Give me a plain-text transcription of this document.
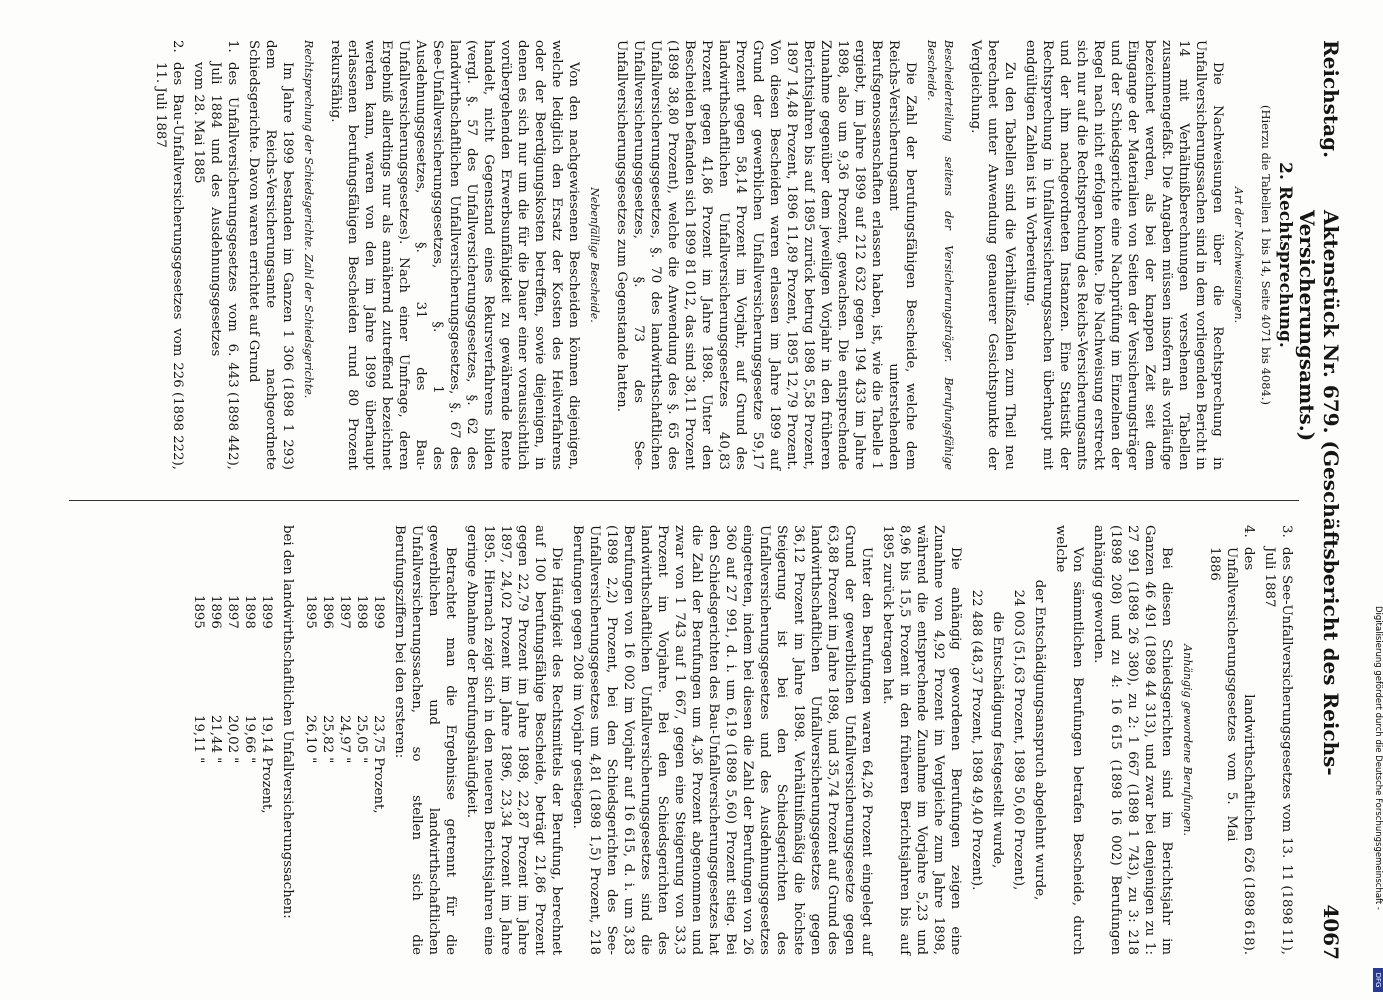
Reichstag.
Aktenstück Nr. 679. (Geschäftsbericht des Reichs-Versicherungsamts.)
4067
2. Rechtsprechung.
(Hierzu die Tabellen 1 bis 14, Seite 4071 bis 4084.)
Art der Nachweisungen.

Die Nachweisungen über die Rechtsprechung in Unfallversicherungssachen sind in dem vorliegenden Bericht in 14 mit Verhältnißberechnungen versehenen Tabellen zusammengefaßt. Die Angaben müssen insofern als vorläufige bezeichnet werden, als bei der knappen Zeit seit dem Eingange der Materialien von Seiten der Versicherungsträger und der Schiedsgerichte eine Nachprüfung im Einzelnen der Regel nach nicht erfolgen konnte. Die Nachweisung erstreckt sich nur auf die Rechtsprechung des Reichs-Versicherungsamts und der ihm nachgeordneten Instanzen. Eine Statistik der Rechtsprechung in Unfallversicherungssachen überhaupt mit endgültigen Zahlen ist in Vorbereitung.

Zu den Tabellen sind die Verhältnißzahlen zum Theil neu berechnet unter Anwendung genauerer Gesichtspunkte der Vergleichung.

Bescheiderteilung seitens der Versicherungsträger. Berufungsfähige Bescheide.

Die Zahl der berufungsfähigen Bescheide, welche dem Reichs-Versicherungsamt unterstehenden Berufsgenossenschaften erlassen haben, ist, wie die Tabelle 1 ergiebt, im Jahre 1899 auf 212 632 gegen 194 433 im Jahre 1898, also um 9,36 Prozent, gewachsen. Die entsprechende Zunahme gegenüber dem jeweiligen Vorjahr in den früheren Berichtsjahren bis auf 1895 zurück betrug 1898 5,58 Prozent, 1897 14,48 Prozent, 1896 11,89 Prozent, 1895 12,79 Prozent. Von diesen Bescheiden waren erlassen im Jahre 1899 auf Grund der gewerblichen Unfallversicherungsgesetze 59,17 Prozent gegen 58,14 Prozent im Vorjahr, auf Grund des landwirthschaftlichen Unfallversicherungsgesetzes 40,83 Prozent gegen 41,86 Prozent im Jahre 1898. Unter den Bescheiden befanden sich 1899 81 012, das sind 38,11 Prozent (1898 38,80 Prozent), welche die Anwendung des §. 65 des Unfallversicherungsgesetzes, §. 70 des landwirthschaftlichen Unfallversicherungsgesetzes, §. 73 des See-Unfallversicherungsgesetzes zum Gegenstande hatten.

Nebenfällige Bescheide.

Von den nachgewiesenen Bescheiden können diejenigen, welche lediglich den Ersatz der Kosten des Heilverfahrens oder der Beerdigungskosten betreffen, sowie diejenigen, in denen es sich nur um die für die Dauer einer voraussichtlich vorübergehenden Erwerbsunfähigkeit zu gewährende Rente handelt, nicht Gegenstand eines Rekursverfahrens bilden (vergl. §. 57 des Unfallversicherungsgesetzes, §. 62 des landwirthschaftlichen Unfallversicherungsgesetzes, §. 67 des See-Unfallversicherungsgesetzes, §. 1 des Ausdehnungsgesetzes, §. 31 des Bau-Unfallversicherungsgesetzes). Nach einer Umfrage, deren Ergebniß allerdings nur als annähernd zutreffend bezeichnet werden kann, waren von den im Jahre 1899 überhaupt erlassenen berufungsfähigen Bescheiden rund 80 Prozent rekursfähig.

Rechtsprechung der Schiedsgerichte. Zahl der Schiedsgerichte.

Im Jahre 1899 bestanden im Ganzen 1 306 (1898 1 293) dem Reichs-Versicherungsamte nachgeordnete Schiedsgerichte. Davon waren errichtet auf Grund

1.
des Unfallversicherungsgesetzes vom 6. Juli 1884 und des Ausdehnungsgesetzes vom 28. Mai 1885
443 (1898 442),
2.
des Bau-Unfallversicherungsgesetzes vom 11. Juli 1887
226 (1898 222),
3.
des See-Unfallversicherungsgesetzes vom 13. Juli 1887
11 (1898 11),
4.
des landwirthschaftlichen Unfallversicherungsgesetzes vom 5. Mai 1886
626 (1898 618).
Anhängig gewordene Berufungen.

Bei diesen Schiedsgerichten sind im Berichtsjahr im Ganzen 46 491 (1898 44 313), und zwar bei denjenigen zu 1: 27 991 (1898 26 380), zu 2: 1 667 (1898 1 743), zu 3: 218 (1898 208) und zu 4: 16 615 (1898 16 002) Berufungen anhängig geworden.

Von sämmtlichen Berufungen betrafen Bescheide, durch welche

der Entschädigungsanspruch abgelehnt wurde,
24 003 (51,63 Prozent, 1898 50,60 Prozent),
die Entschädigung festgestellt wurde,
22 488 (48,37 Prozent, 1898 49,40 Prozent).

Die anhängig gewordenen Berufungen zeigen eine Zunahme von 4,92 Prozent im Vergleiche zum Jahre 1898, während die entsprechende Zunahme im Vorjahre 5,23 und 8,96 bis 15,5 Prozent in den früheren Berichtsjahren bis auf 1895 zurück betragen hat.

Unter den Berufungen waren 64,26 Prozent eingelegt auf Grund der gewerblichen Unfallversicherungsgesetze gegen 63,88 Prozent im Jahre 1898, und 35,74 Prozent auf Grund des landwirthschaftlichen Unfallversicherungsgesetzes gegen 36,12 Prozent im Jahre 1898. Verhältnißmäßig die höchste Steigerung ist bei den Schiedsgerichten des Unfallversicherungsgesetzes und des Ausdehnungsgesetzes eingetreten, indem bei diesen die Zahl der Berufungen von 26 360 auf 27 991, d. i. um 6,19 (1898 5,60) Prozent stieg. Bei den Schiedsgerichten des Bau-Unfallversicherungsgesetzes hat die Zahl der Berufungen um 4,36 Prozent abgenommen und zwar von 1 743 auf 1 667, gegen eine Steigerung von 33,3 Prozent im Vorjahre. Bei den Schiedsgerichten des landwirthschaftlichen Unfallversicherungsgesetzes sind die Berufungen von 16 002 im Vorjahr auf 16 615, d. i. um 3,83 (1898 2,2) Prozent, bei den Schiedsgerichten des See-Unfallversicherungsgesetzes um 4,81 (1898 1,5) Prozent, 218 Berufungen gegen 208 im Vorjahr gestiegen.

Die Häufigkeit des Rechtsmittels der Berufung, berechnet auf 100 berufungsfähige Bescheide, beträgt 21,86 Prozent gegen 22,79 Prozent im Jahre 1898, 22,87 Prozent im Jahre 1897, 24,02 Prozent im Jahre 1896, 23,34 Prozent im Jahre 1895. Hiernach zeigt sich in den neueren Berichtsjahren eine geringe Abnahme der Berufungshäufigkeit.

Betrachtet man die Ergebnisse getrennt für die gewerblichen und landwirthschaftlichen Unfallversicherungssachen, so stellen sich die Berufungsziffern bei den ersteren:

1899
23,75 Prozent,
1898
25,05 "
1897
24,97 "
1896
25,82 "
1895
26,10 "

bei den landwirthschaftlichen Unfallversicherungssachen:

1899
19,14 Prozent,
1898
19,66 "
1897
20,02 "
1896
21,44 "
1895
19,11 "	Digitalisierung gefördert durch die Deutsche Forschungsgemeinschaft -
DFG
